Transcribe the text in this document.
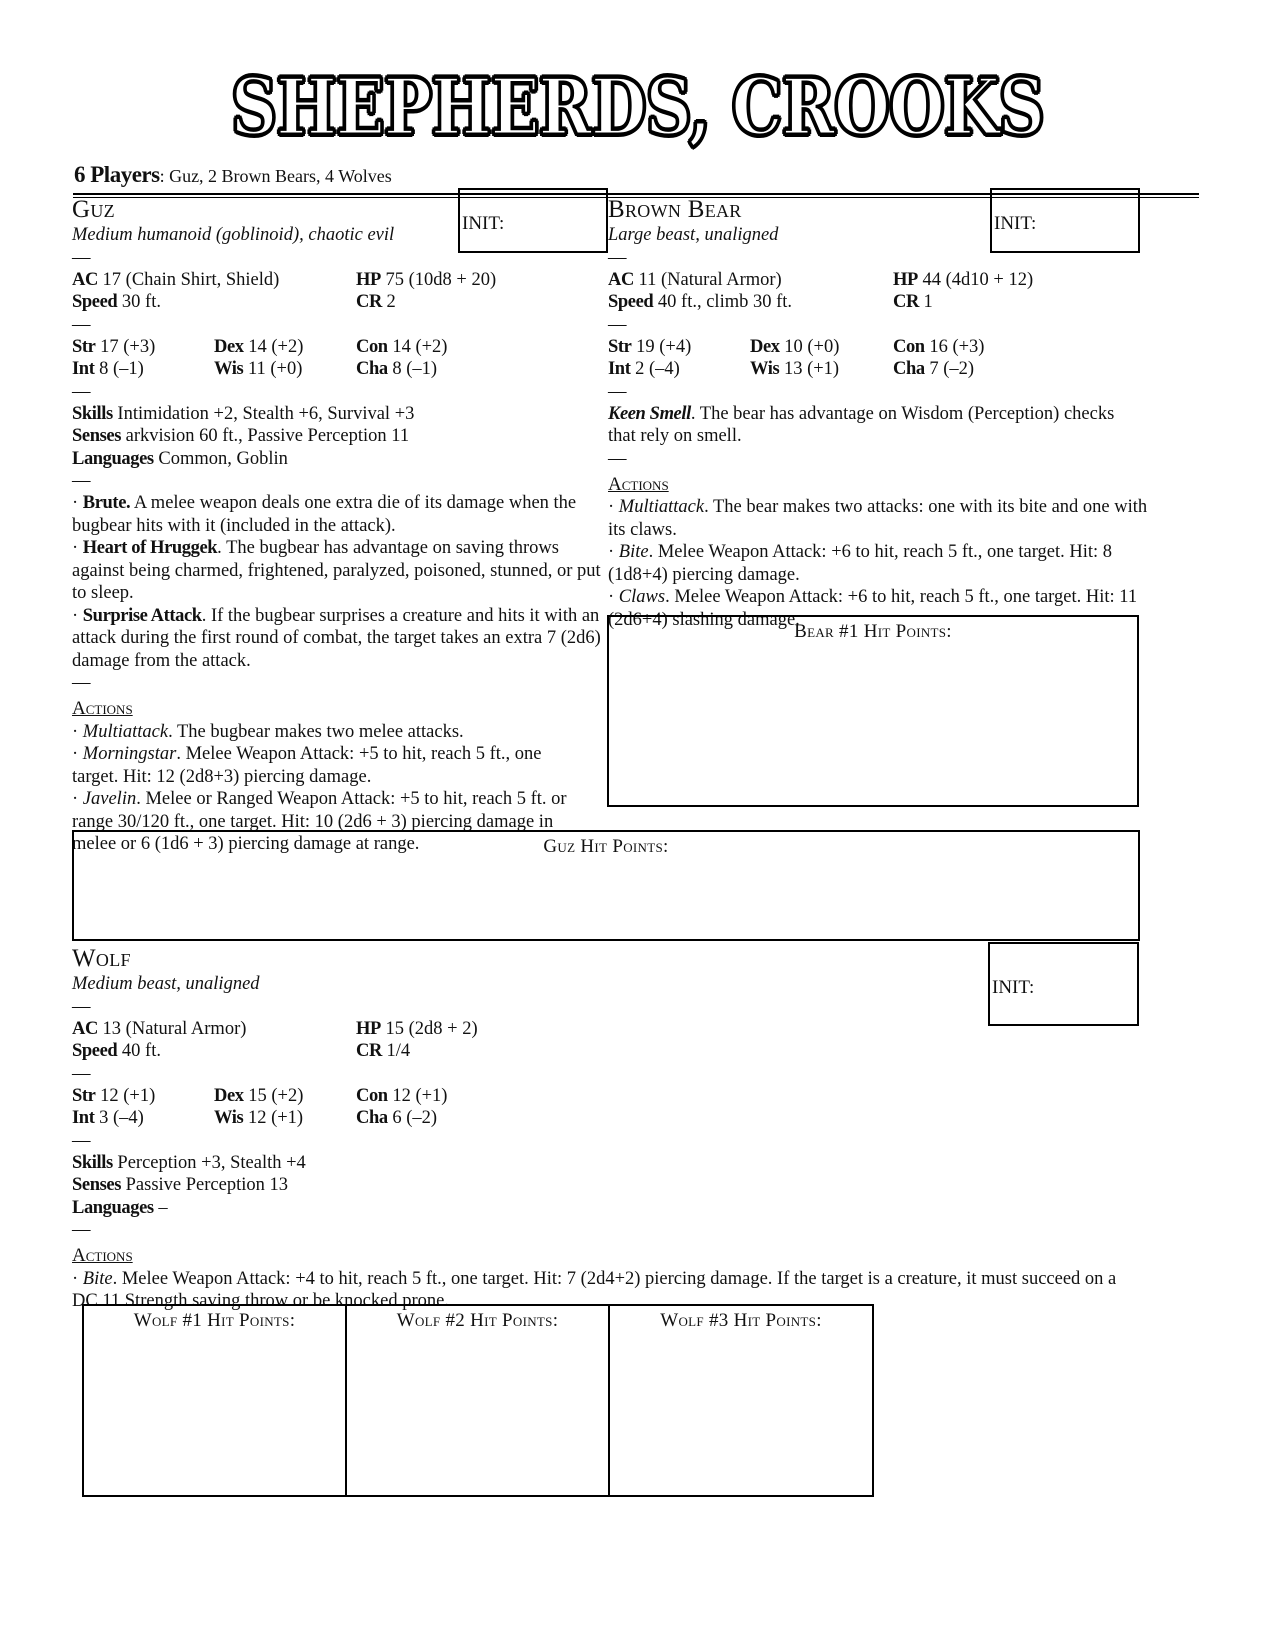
SHEPHERDS, CROOKS
6 Players: Guz, 2 Brown Bears, 4 Wolves
Guz
Medium humanoid (goblinoid), chaotic evil
—
AC 17 (Chain Shirt, Shield)	HP 75 (10d8 + 20)
Speed 30 ft.	CR 2
—
Str 17 (+3)	Dex 14 (+2)	Con 14 (+2)
Int 8 (–1)	Wis 11 (+0)	Cha 8 (–1)
—

Skills Intimidation +2, Stealth +6, Survival +3

Senses arkvision 60 ft., Passive Perception 11

Languages Common, Goblin

—

· Brute. A melee weapon deals one extra die of its damage when the bugbear hits with it (included in the attack).

· Heart of Hruggek. The bugbear has advantage on saving throws against being charmed, frightened, paralyzed, poisoned, stunned, or put to sleep.

· Surprise Attack. If the bugbear surprises a creature and hits it with an attack during the first round of combat, the target takes an extra 7 (2d6) damage from the attack.

—
Actions

· Multiattack. The bugbear makes two melee attacks.

· Morningstar. Melee Weapon Attack: +5 to hit, reach 5 ft., one target. Hit: 12 (2d8+3) piercing damage.

· Javelin. Melee or Ranged Weapon Attack: +5 to hit, reach 5 ft. or range 30/120 ft., one target. Hit: 10 (2d6 + 3) piercing damage in melee or 6 (1d6 + 3) piercing damage at range.

INIT:
Brown Bear
Large beast, unaligned
—
AC 11 (Natural Armor)	HP 44 (4d10 + 12)
Speed 40 ft., climb 30 ft.	CR 1
—
Str 19 (+4)	Dex 10 (+0)	Con 16 (+3)
Int 2 (–4)	Wis 13 (+1)	Cha 7 (–2)
—

Keen Smell. The bear has advantage on Wisdom (Perception) checks that rely on smell.

—
Actions

· Multiattack. The bear makes two attacks: one with its bite and one with its claws.

· Bite. Melee Weapon Attack: +6 to hit, reach 5 ft., one target. Hit: 8 (1d8+4) piercing damage.

· Claws. Melee Weapon Attack: +6 to hit, reach 5 ft., one target. Hit: 11 (2d6+4) slashing damage.

INIT:
Bear #1 Hit Points:
Guz Hit Points:
Wolf
Medium beast, unaligned
—
AC 13 (Natural Armor)	HP 15 (2d8 + 2)
Speed 40 ft.	CR 1/4
—
Str 12 (+1)	Dex 15 (+2)	Con 12 (+1)
Int 3 (–4)	Wis 12 (+1)	Cha 6 (–2)
—

Skills Perception +3, Stealth +4

Senses Passive Perception 13

Languages –

—
Actions

· Bite. Melee Weapon Attack: +4 to hit, reach 5 ft., one target. Hit: 7 (2d4+2) piercing damage. If the target is a creature, it must succeed on a DC 11 Strength saving throw or be knocked prone.

INIT:
Wolf #1 Hit Points:	Wolf #2 Hit Points:	Wolf #3 Hit Points:
